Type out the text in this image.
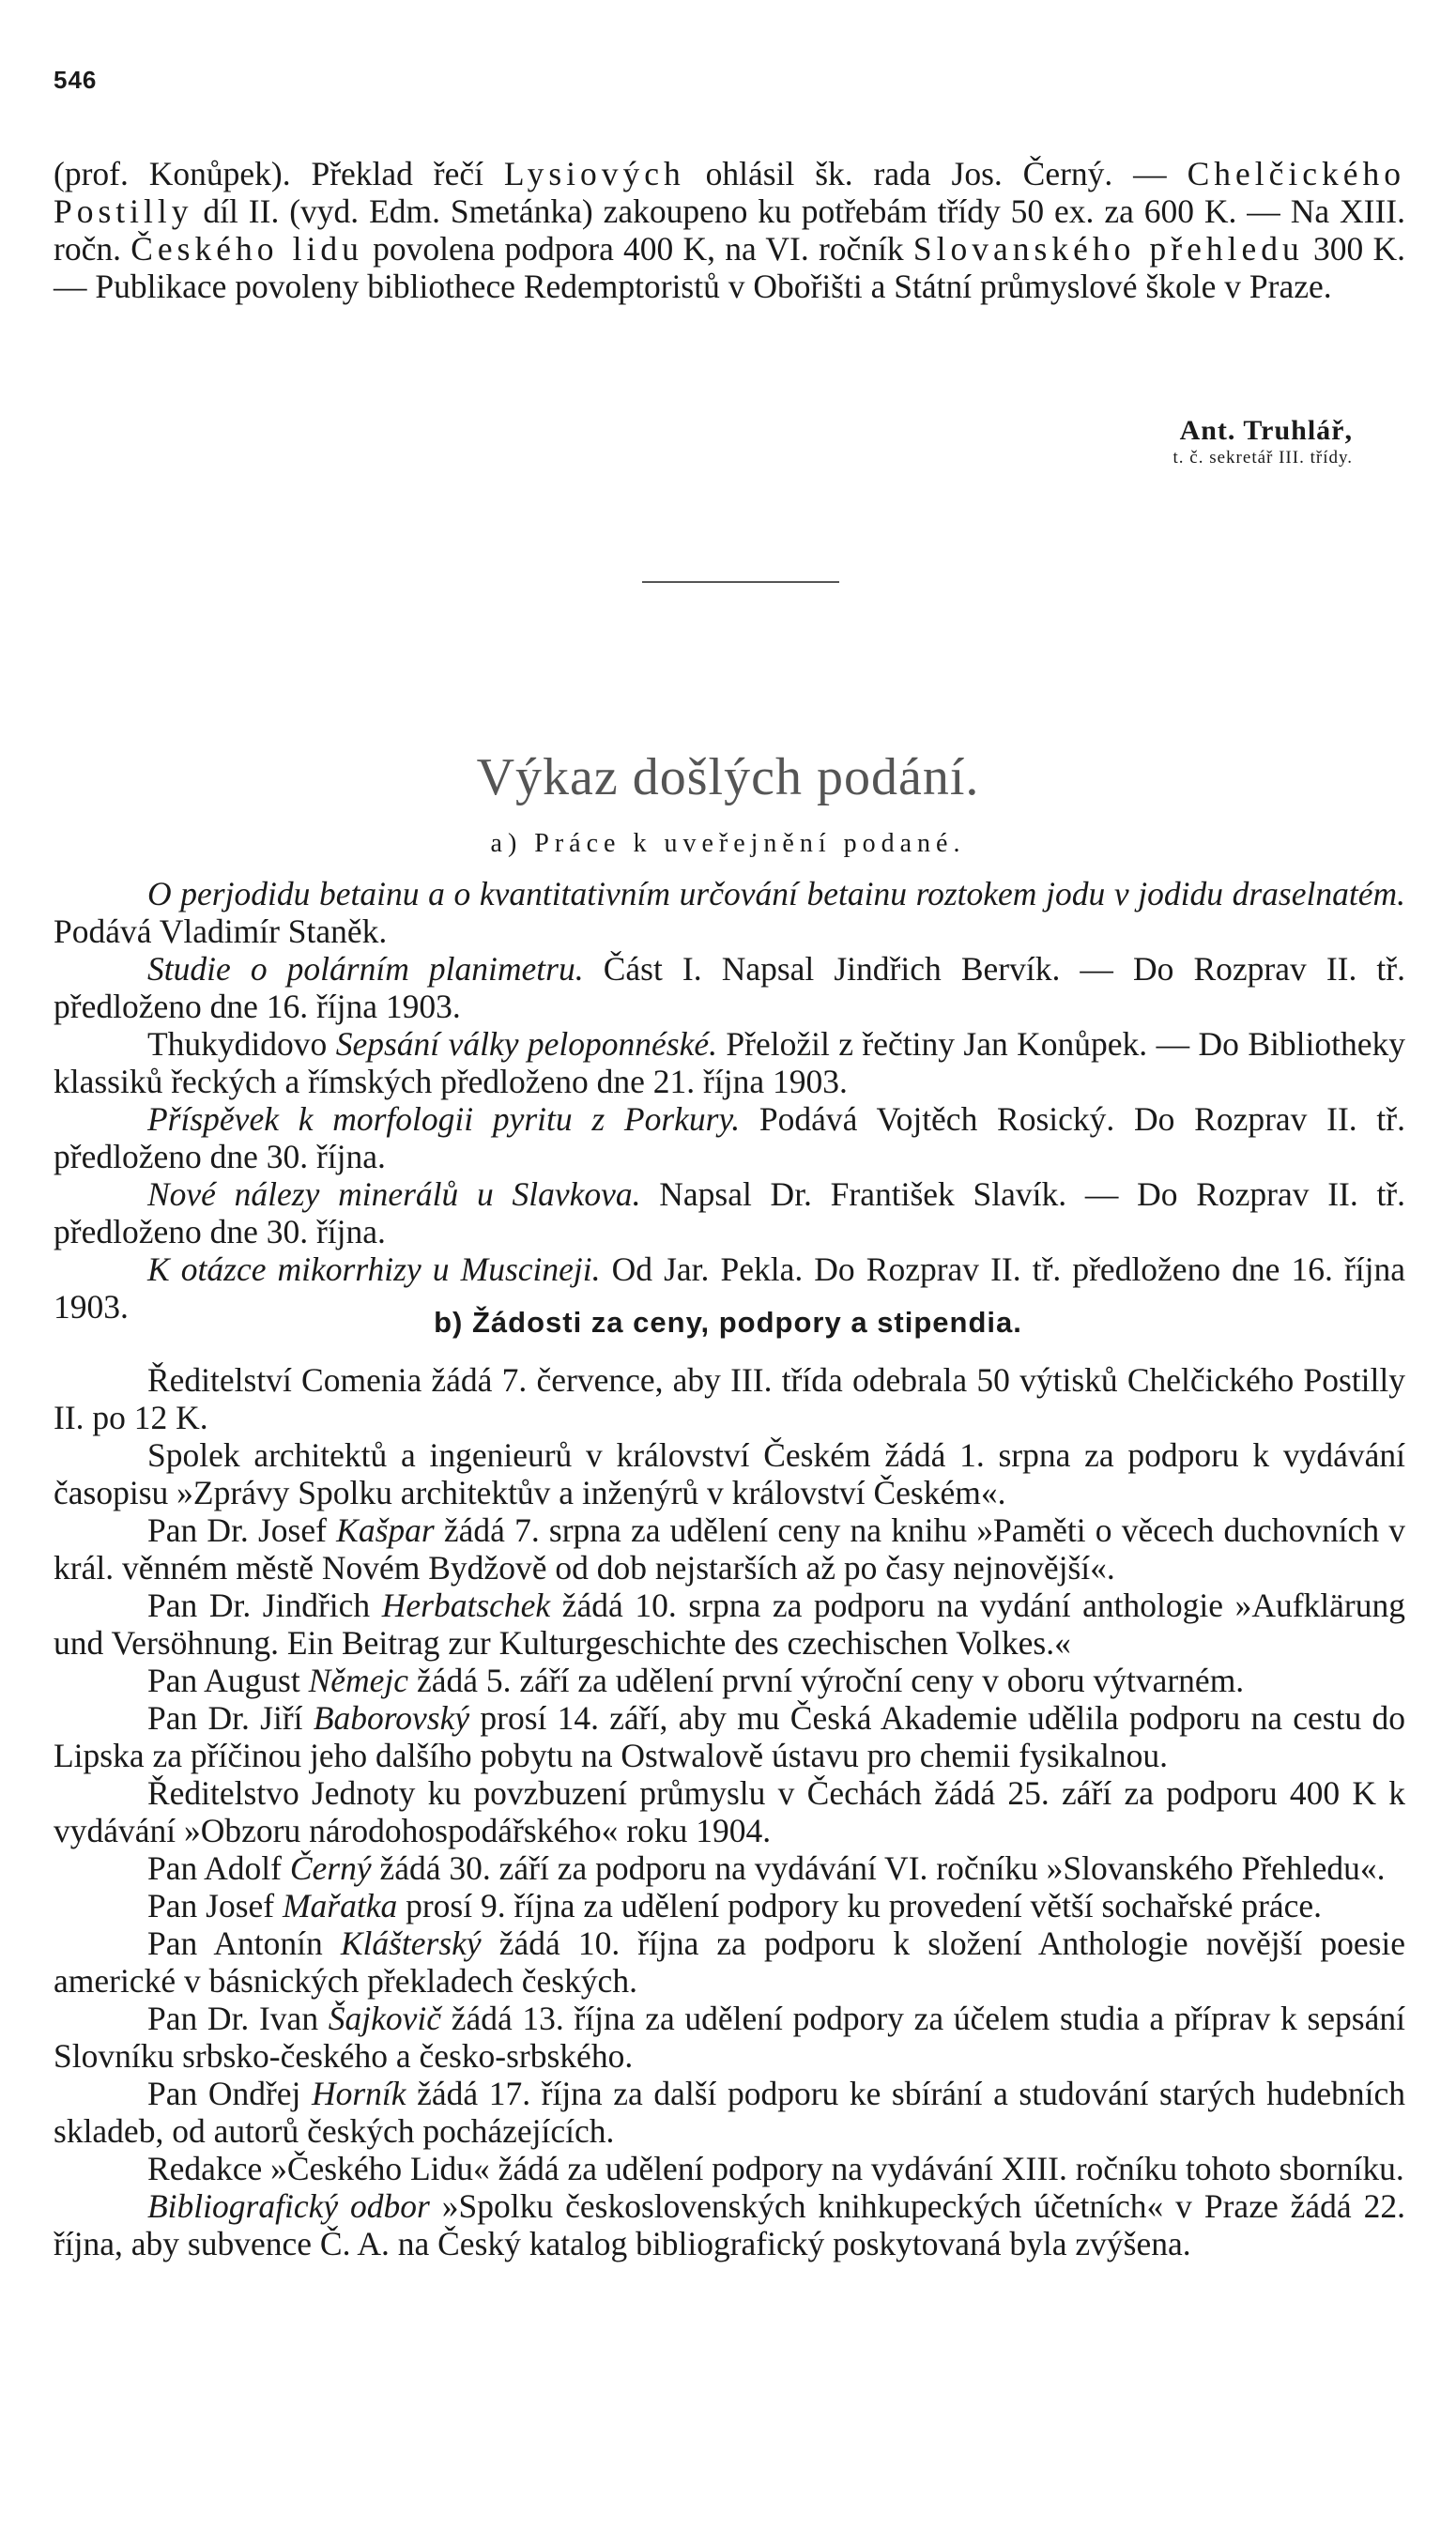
546

(prof. Konůpek). Překlad řečí Lysiových ohlásil šk. rada Jos. Černý. — Chelčického Postilly díl II. (vyd. Edm. Smetánka) zakoupeno ku potřebám třídy 50 ex. za 600 K. — Na XIII. ročn. Českého lidu povolena podpora 400 K, na VI. ročník Slovanského přehledu 300 K. — Publikace povoleny bibliothece Redemptoristů v Obořišti a Státní průmyslové škole v Praze.

Ant. Truhlář,
t. č. sekretář III. třídy.
Výkaz došlých podání.
a) Práce k uveřejnění podané.

O perjodidu betainu a o kvantitativním určování betainu roztokem jodu v jodidu draselnatém. Podává Vladimír Staněk.

Studie o polárním planimetru. Část I. Napsal Jindřich Bervík. — Do Rozprav II. tř. předloženo dne 16. října 1903.

Thukydidovo Sepsání války peloponnéské. Přeložil z řečtiny Jan Konůpek. — Do Bibliotheky klassiků řeckých a římských předloženo dne 21. října 1903.

Příspěvek k morfologii pyritu z Porkury. Podává Vojtěch Rosický. Do Rozprav II. tř. předloženo dne 30. října.

Nové nálezy minerálů u Slavkova. Napsal Dr. František Slavík. — Do Rozprav II. tř. předloženo dne 30. října.

K otázce mikorrhizy u Muscineji. Od Jar. Pekla. Do Rozprav II. tř. předloženo dne 16. října 1903.	b) Žádosti za ceny, podpory a stipendia.

Ředitelství Comenia žádá 7. července, aby III. třída odebrala 50 výtisků Chelčického Postilly II. po 12 K.

Spolek architektů a ingenieurů v království Českém žádá 1. srpna za podporu k vydávání časopisu »Zprávy Spolku architektův a inženýrů v království Českém«.

Pan Dr. Josef Kašpar žádá 7. srpna za udělení ceny na knihu »Paměti o věcech duchovních v král. věnném městě Novém Bydžově od dob nejstarších až po časy nejnovější«.

Pan Dr. Jindřich Herbatschek žádá 10. srpna za podporu na vydání anthologie »Aufklärung und Versöhnung. Ein Beitrag zur Kulturgeschichte des czechischen Volkes.«

Pan August Němejc žádá 5. září za udělení první výroční ceny v oboru výtvarném.

Pan Dr. Jiří Baborovský prosí 14. září, aby mu Česká Akademie udělila podporu na cestu do Lipska za příčinou jeho dalšího pobytu na Ostwalově ústavu pro chemii fysikalnou.

Ředitelstvo Jednoty ku povzbuzení průmyslu v Čechách žádá 25. září za podporu 400 K k vydávání »Obzoru národohospodářského« roku 1904.

Pan Adolf Černý žádá 30. září za podporu na vydávání VI. ročníku »Slovanského Přehledu«.

Pan Josef Mařatka prosí 9. října za udělení podpory ku provedení větší sochařské práce.

Pan Antonín Klášterský žádá 10. října za podporu k složení Anthologie novější poesie americké v básnických překladech českých.

Pan Dr. Ivan Šajkovič žádá 13. října za udělení podpory za účelem studia a příprav k sepsání Slovníku srbsko-českého a česko-srbského.

Pan Ondřej Horník žádá 17. října za další podporu ke sbírání a studování starých hudebních skladeb, od autorů českých pocházejících.

Redakce »Českého Lidu« žádá za udělení podpory na vydávání XIII. ročníku tohoto sborníku.

Bibliografický odbor »Spolku československých knihkupeckých účetních« v Praze žádá 22. října, aby subvence Č. A. na Český katalog bibliografický poskytovaná byla zvýšena.
